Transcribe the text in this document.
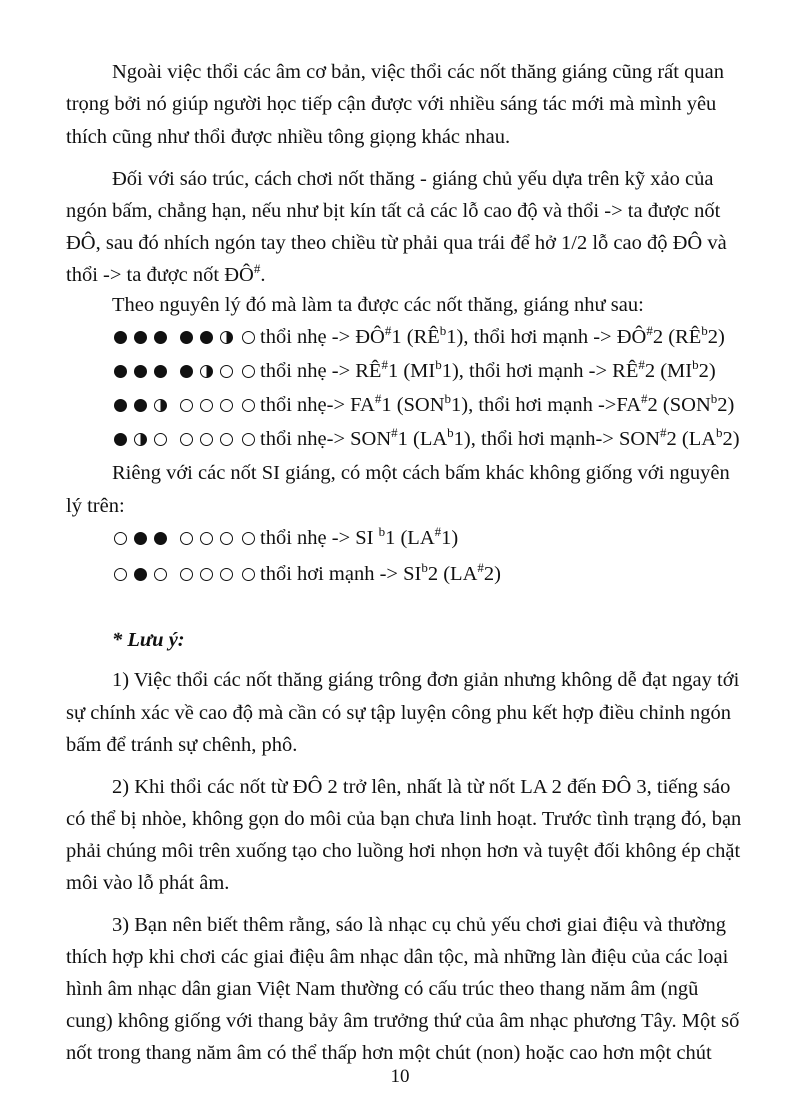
Ngoài việc thổi các âm cơ bản, việc thổi các nốt thăng giáng cũng rất quan
trọng bởi nó giúp người học tiếp cận được với nhiều sáng tác mới mà mình yêu
thích cũng như thổi được nhiều tông giọng khác nhau.
Đối với sáo trúc, cách chơi nốt thăng - giáng chủ yếu dựa trên kỹ xảo của
ngón bấm, chẳng hạn, nếu như bịt kín tất cả các lỗ cao độ và thổi -> ta được nốt
ĐÔ, sau đó nhích ngón tay theo chiều từ phải qua trái để hở 1/2 lỗ cao độ ĐÔ và
thổi -> ta được nốt ĐÔ#.
Theo nguyên lý đó mà làm ta được các nốt thăng, giáng như sau:
thổi nhẹ -> ĐÔ#1 $(RÊ^b1)$, thổi hơi mạnh -> ĐÔ#2 $(RÊ^b2)$
thổi nhẹ -> RÊ#1 $(MI^b1)$, thổi hơi mạnh -> RÊ#2 $(MI^b2)$
thổi nhẹ-> FA#1 (SON$^b$1), thổi hơi mạnh ->FA#2 (SON$^b$2)
thổi nhẹ-> SON#1 $(LA^b1)$, thổi hơi mạnh-> SON#2 $(LA^b2)$
Riêng với các nốt SI giáng, có một cách bấm khác không giống với nguyên
lý trên:
thổi nhẹ -> SI $^b$1 (LA#1)
thổi hơi mạnh -> $SI^b2$ (LA#2)
* Lưu ý:
1) Việc thổi các nốt thăng giáng trông đơn giản nhưng không dễ đạt ngay tới
sự chính xác về cao độ mà cần có sự tập luyện công phu kết hợp điều chỉnh ngón
bấm để tránh sự chênh, phô.
2) Khi thổi các nốt từ ĐÔ 2 trở lên, nhất là từ nốt LA 2 đến ĐÔ 3, tiếng sáo
có thể bị nhòe, không gọn do môi của bạn chưa linh hoạt. Trước tình trạng đó, bạn
phải chúng môi trên xuống tạo cho luồng hơi nhọn hơn và tuyệt đối không ép chặt
môi vào lỗ phát âm.
3) Bạn nên biết thêm rằng, sáo là nhạc cụ chủ yếu chơi giai điệu và thường
thích hợp khi chơi các giai điệu âm nhạc dân tộc, mà những làn điệu của các loại
hình âm nhạc dân gian Việt Nam thường có cấu trúc theo thang năm âm (ngũ
cung) không giống với thang bảy âm trưởng thứ của âm nhạc phương Tây. Một số
nốt trong thang năm âm có thể thấp hơn một chút (non) hoặc cao hơn một chút
10
